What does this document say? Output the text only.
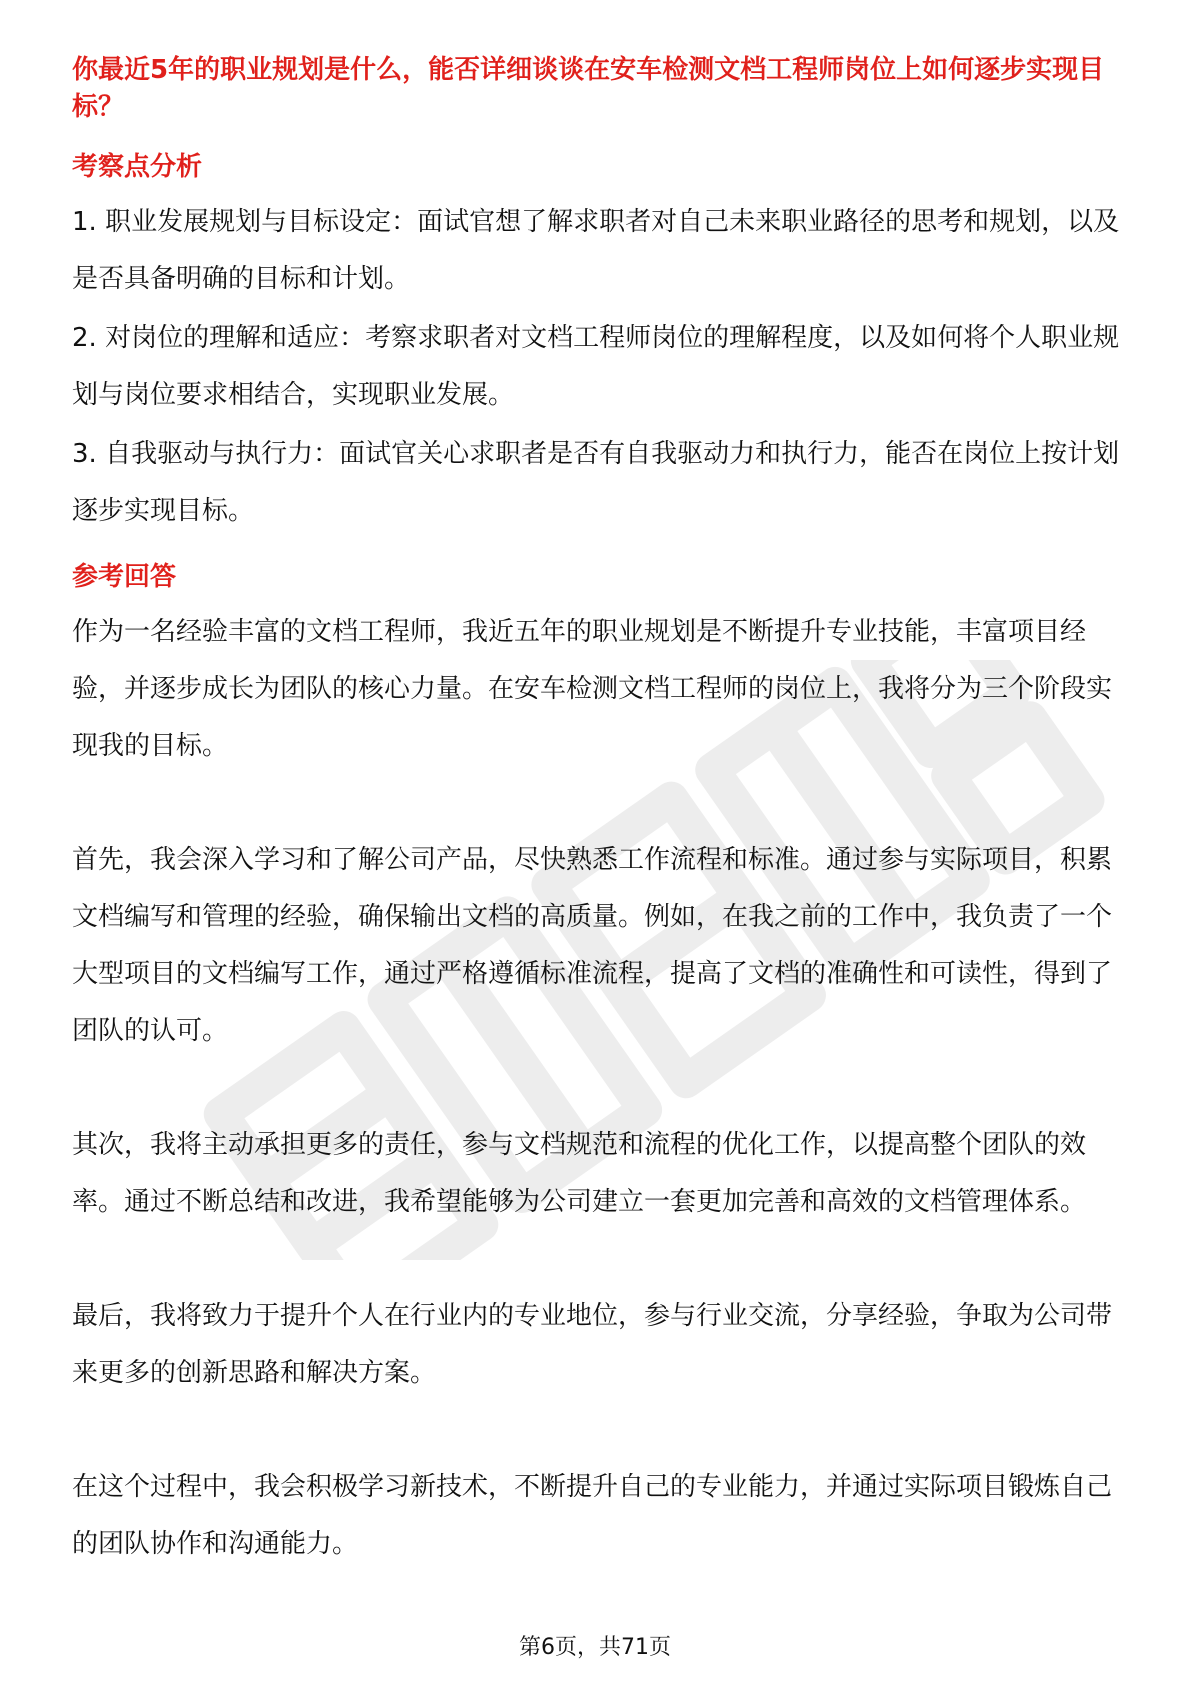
你最近5年的职业规划是什么，能否详细谈谈在安车检测文档工程师岗位上如何逐步实现目标？
考察点分析

1. 职业发展规划与目标设定：面试官想了解求职者对自己未来职业路径的思考和规划，以及是否具备明确的目标和计划。

2. 对岗位的理解和适应：考察求职者对文档工程师岗位的理解程度，以及如何将个人职业规划与岗位要求相结合，实现职业发展。

3. 自我驱动与执行力：面试官关心求职者是否有自我驱动力和执行力，能否在岗位上按计划逐步实现目标。

参考回答

作为一名经验丰富的文档工程师，我近五年的职业规划是不断提升专业技能，丰富项目经验，并逐步成长为团队的核心力量。在安车检测文档工程师的岗位上，我将分为三个阶段实现我的目标。

首先，我会深入学习和了解公司产品，尽快熟悉工作流程和标准。通过参与实际项目，积累文档编写和管理的经验，确保输出文档的高质量。例如，在我之前的工作中，我负责了一个大型项目的文档编写工作，通过严格遵循标准流程，提高了文档的准确性和可读性，得到了团队的认可。

其次，我将主动承担更多的责任，参与文档规范和流程的优化工作，以提高整个团队的效率。通过不断总结和改进，我希望能够为公司建立一套更加完善和高效的文档管理体系。

最后，我将致力于提升个人在行业内的专业地位，参与行业交流，分享经验，争取为公司带来更多的创新思路和解决方案。

在这个过程中，我会积极学习新技术，不断提升自己的专业能力，并通过实际项目锻炼自己的团队协作和沟通能力。

第6页，共71页
